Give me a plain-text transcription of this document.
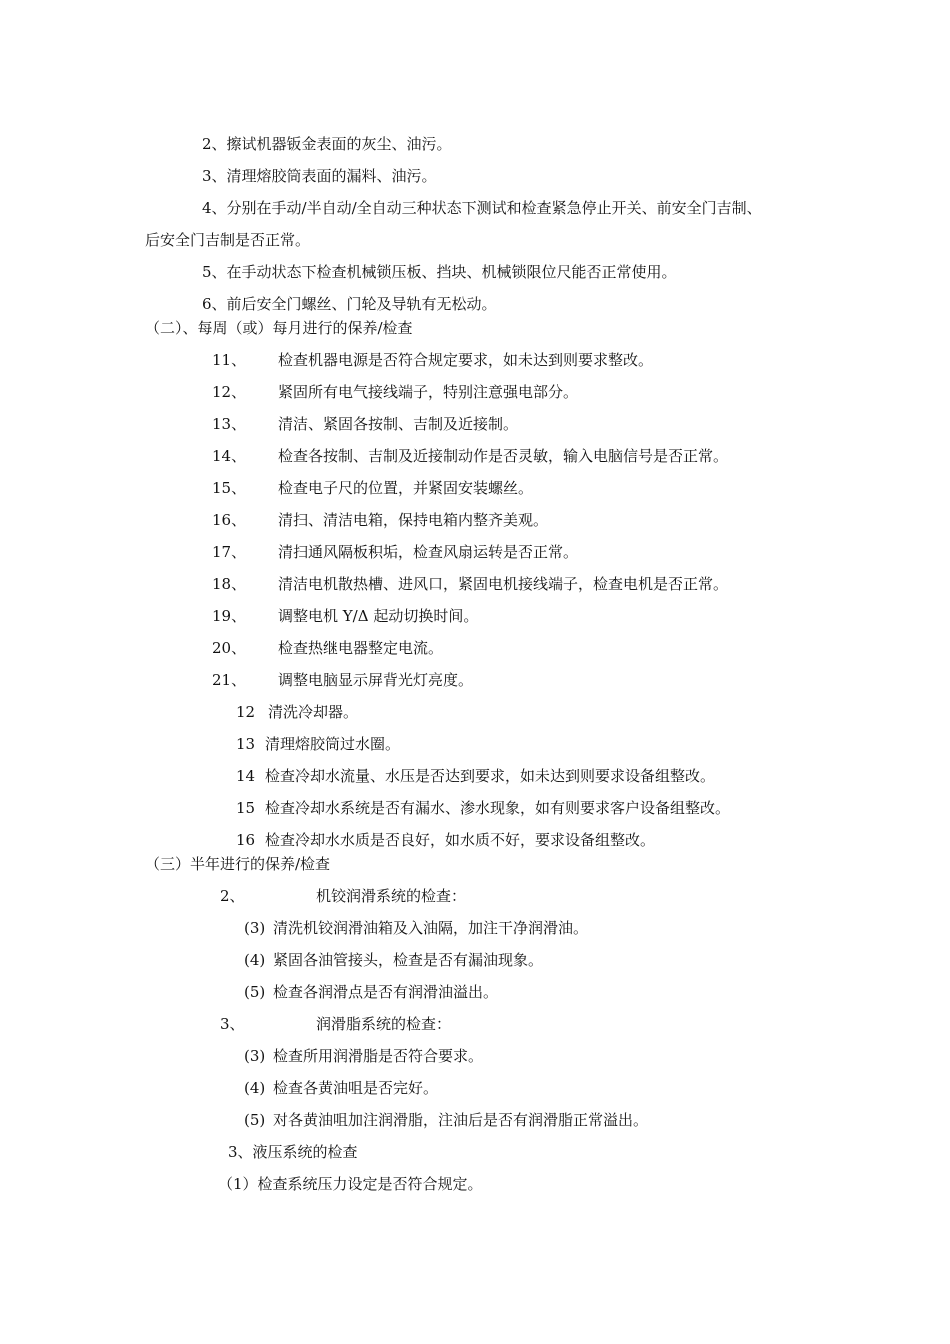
2、擦试机器钣金表面的灰尘、油污。
3、清理熔胶筒表面的漏料、油污。
4、分别在手动/半自动/全自动三种状态下测试和检查紧急停止开关、前安全门吉制、
后安全门吉制是否正常。
5、在手动状态下检查机械锁压板、挡块、机械锁限位尺能否正常使用。
6、前后安全门螺丝、门轮及导轨有无松动。
（二）、每周（或）每月进行的保养/检查
11、 检查机器电源是否符合规定要求，如未达到则要求整改。
12、 紧固所有电气接线端子，特别注意强电部分。
13、 清洁、紧固各按制、吉制及近接制。
14、 检查各按制、吉制及近接制动作是否灵敏，输入电脑信号是否正常。
15、 检查电子尺的位置，并紧固安装螺丝。
16、 清扫、清洁电箱，保持电箱内整齐美观。
17、 清扫通风隔板积垢，检查风扇运转是否正常。
18、 清洁电机散热槽、进风口，紧固电机接线端子，检查电机是否正常。
19、 调整电机 Y/Δ 起动切换时间。
20、 检查热继电器整定电流。
21、 调整电脑显示屏背光灯亮度。
12 清洗冷却器。
13 清理熔胶筒过水圈。
14 检查冷却水流量、水压是否达到要求，如未达到则要求设备组整改。
15 检查冷却水系统是否有漏水、渗水现象，如有则要求客户设备组整改。
16 检查冷却水水质是否良好，如水质不好，要求设备组整改。
（三）半年进行的保养/检查
2、	机铰润滑系统的检查：
(3) 清洗机铰润滑油箱及入油隔，加注干净润滑油。
(4) 紧固各油管接头，检查是否有漏油现象。
(5) 检查各润滑点是否有润滑油溢出。
3、	润滑脂系统的检查：
(3) 检查所用润滑脂是否符合要求。
(4) 检查各黄油咀是否完好。
(5) 对各黄油咀加注润滑脂，注油后是否有润滑脂正常溢出。
3、液压系统的检查
（1）检查系统压力设定是否符合规定。
